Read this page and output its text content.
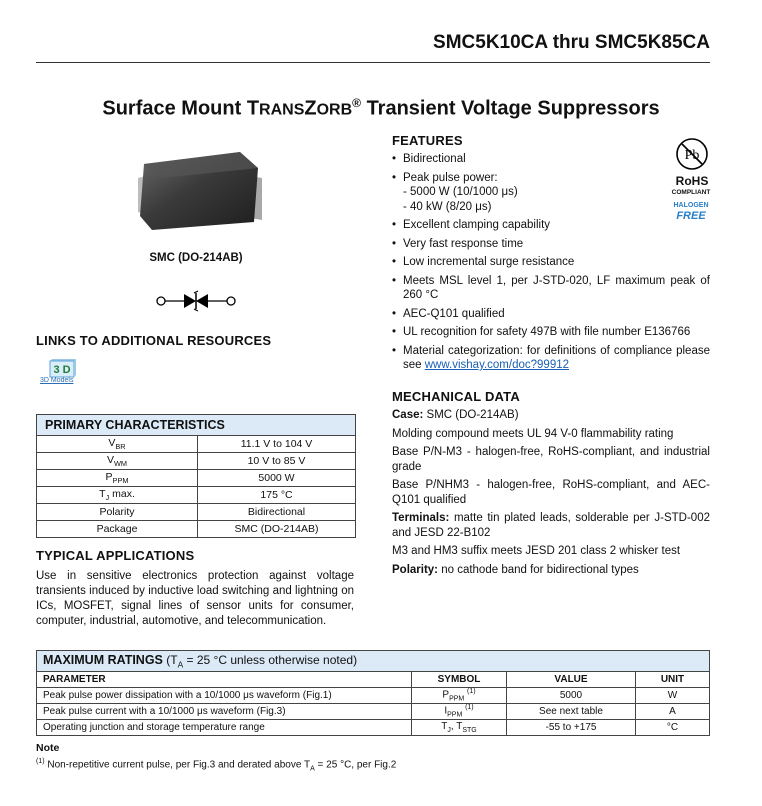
SMC5K10CA thru SMC5K85CA
Surface Mount TRANSZORB® Transient Voltage Suppressors
SMC (DO-214AB)
LINKS TO ADDITIONAL RESOURCES
3 D
3D Models
PRIMARY CHARACTERISTICS	
$V_{BR}$	11.1 V to 104 V
$V_{WM}$	10 V to 85 V
$P_{PPM}$	5000 W
$T_J$ max.	175 °C
Polarity	Bidirectional
Package	SMC (DO-214AB)
TYPICAL APPLICATIONS
Use in sensitive electronics protection against voltage transients induced by inductive load switching and lightning on ICs, MOSFET, signal lines of sensor units for consumer, computer, industrial, automotive, and telecommunication.
FEATURES
• Bidirectional
• Peak pulse power:
- 5000 W (10/1000 μs)
- 40 kW (8/20 μs)
• Excellent clamping capability
• Very fast response time
• Low incremental surge resistance
• Meets MSL level 1, per J-STD-020, LF maximum peak of 260 °C
• AEC-Q101 qualified
• UL recognition for safety 497B with file number E136766
• Material categorization: for definitions of compliance please see www.vishay.com/doc?99912
Pb
RoHS
COMPLIANT
HALOGEN
FREE
MECHANICAL DATA

Case: SMC (DO-214AB)

Molding compound meets UL 94 V-0 flammability rating

Base P/N-M3 - halogen-free, RoHS-compliant, and industrial grade

Base P/NHM3 - halogen-free, RoHS-compliant, and AEC-Q101 qualified

Terminals: matte tin plated leads, solderable per J-STD-002 and JESD 22-B102

M3 and HM3 suffix meets JESD 201 class 2 whisker test

Polarity: no cathode band for bidirectional types

MAXIMUM RATINGS ($T_A = 25$ °C unless otherwise noted)			
PARAMETER	SYMBOL	VALUE	UNIT
Peak pulse power dissipation with a 10/1000 μs waveform (Fig.1)	$P_{PPM}$ $^{(1)}$	5000	W
Peak pulse current with a 10/1000 μs waveform (Fig.3)	$I_{PPM}$ $^{(1)}$	See next table	A
Operating junction and storage temperature range	$T_J$, $T_{STG}$	-55 to +175	°C
Note
$^{(1)}$ Non-repetitive current pulse, per Fig.3 and derated above $T_A = 25$ °C, per Fig.2
